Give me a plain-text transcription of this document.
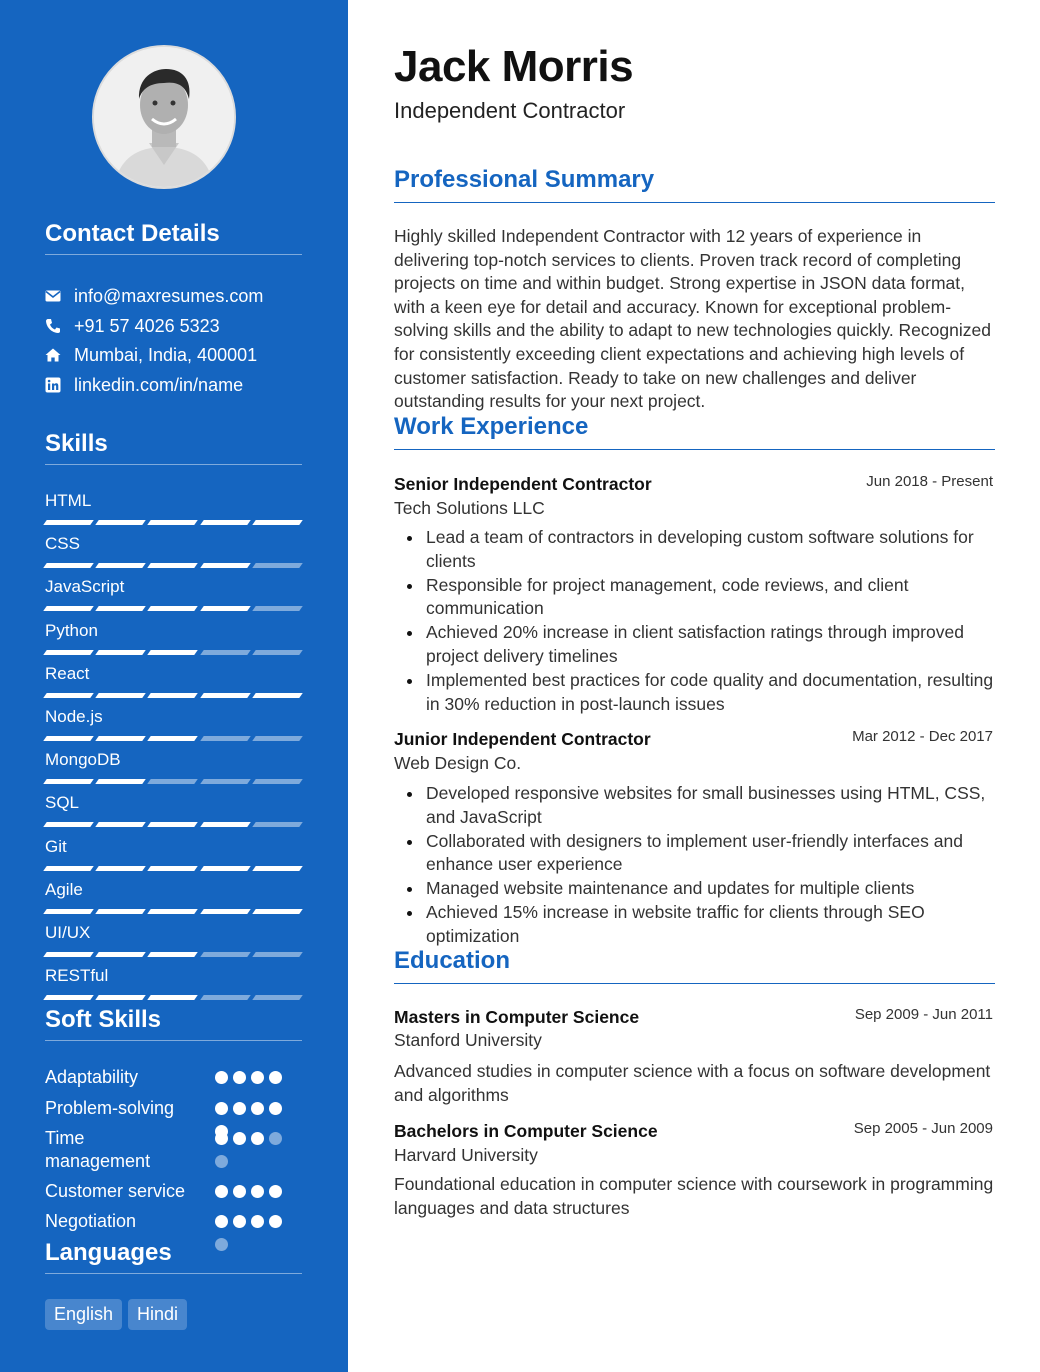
Contact Details
info@maxresumes.com
+91 57 4026 5323
Mumbai, India, 400001
linkedin.com/in/name
Skills
HTML
CSS
JavaScript
Python
React
Node.js
MongoDB
SQL
Git
Agile
UI/UX
RESTful
Soft Skills
Adaptability
Problem-solving
Time management
Customer service
Negotiation
Languages
English	Hindi
Jack Morris
Independent Contractor
Professional Summary
Highly skilled Independent Contractor with 12 years of experience in delivering top-notch services to clients. Proven track record of completing projects on time and within budget. Strong expertise in JSON data format, with a keen eye for detail and accuracy. Known for exceptional problem-solving skills and the ability to adapt to new technologies quickly. Recognized for consistently exceeding client expectations and achieving high levels of customer satisfaction. Ready to take on new challenges and deliver outstanding results for your next project.
Work Experience
Senior Independent Contractor	Jun 2018 - Present
Tech Solutions LLC
Lead a team of contractors in developing custom software solutions for clients
Responsible for project management, code reviews, and client communication
Achieved 20% increase in client satisfaction ratings through improved project delivery timelines
Implemented best practices for code quality and documentation, resulting in 30% reduction in post-launch issues
Junior Independent Contractor	Mar 2012 - Dec 2017
Web Design Co.
Developed responsive websites for small businesses using HTML, CSS, and JavaScript
Collaborated with designers to implement user-friendly interfaces and enhance user experience
Managed website maintenance and updates for multiple clients
Achieved 15% increase in website traffic for clients through SEO optimization
Education
Masters in Computer Science	Sep 2009 - Jun 2011
Stanford University
Advanced studies in computer science with a focus on software development and algorithms
Bachelors in Computer Science	Sep 2005 - Jun 2009
Harvard University
Foundational education in computer science with coursework in programming languages and data structures
